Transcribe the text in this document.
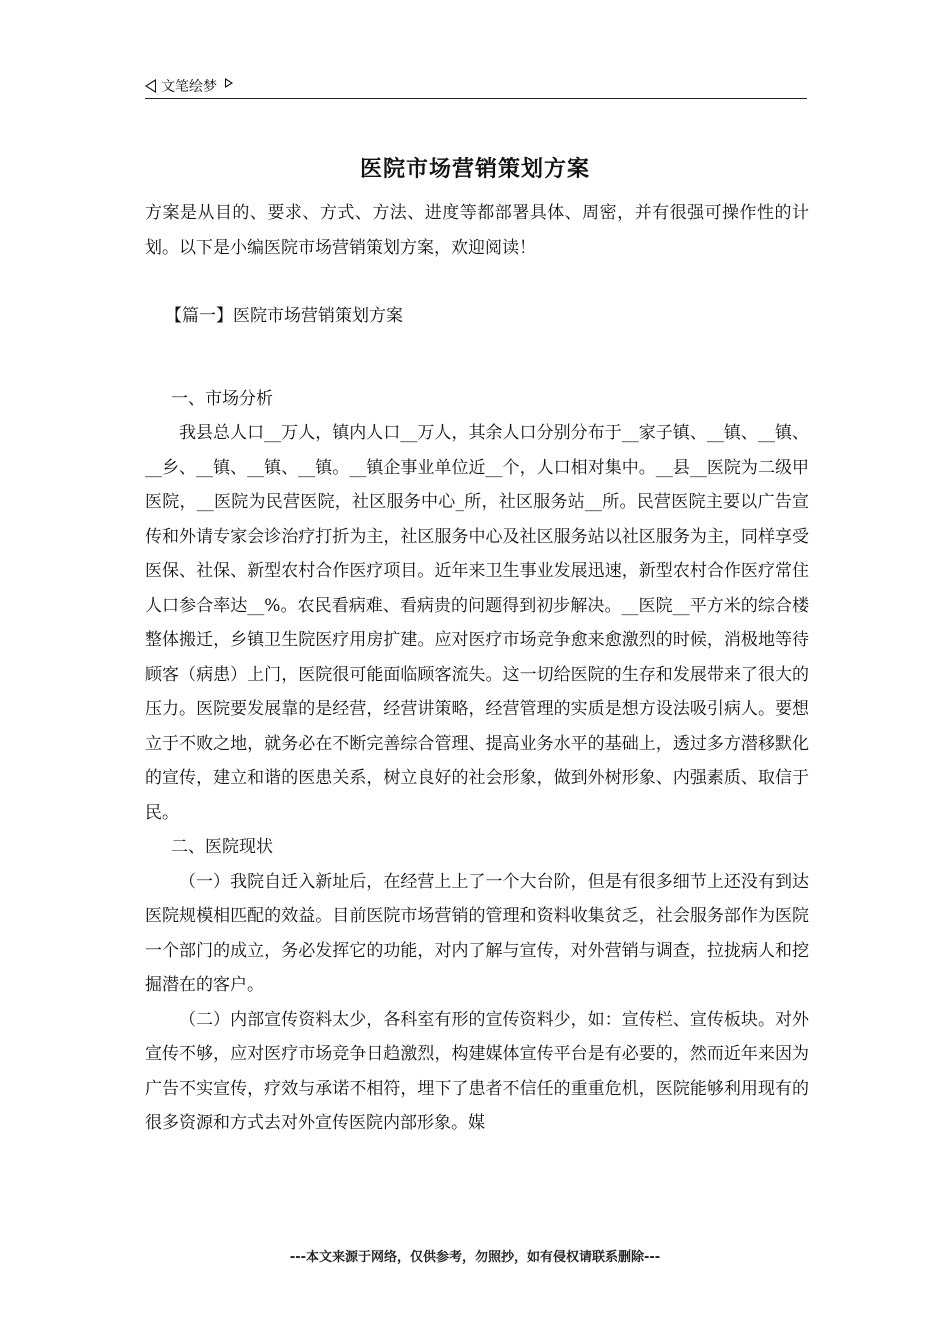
文笔绘梦
医院市场营销策划方案

方案是从目的、要求、方式、方法、进度等都部署具体、周密，并有很强可操作性的计划。以下是小编医院市场营销策划方案，欢迎阅读！

【篇一】医院市场营销策划方案

一、市场分析

我县总人口__万人，镇内人口__万人，其余人口分别分布于__家子镇、__镇、__镇、__乡、__镇、__镇、__镇。__镇企事业单位近__个，人口相对集中。__县__医院为二级甲医院，__医院为民营医院，社区服务中心_所，社区服务站__所。民营医院主要以广告宣传和外请专家会诊治疗打折为主，社区服务中心及社区服务站以社区服务为主，同样享受医保、社保、新型农村合作医疗项目。近年来卫生事业发展迅速，新型农村合作医疗常住人口参合率达__%。农民看病难、看病贵的问题得到初步解决。__医院__平方米的综合楼整体搬迁，乡镇卫生院医疗用房扩建。应对医疗市场竞争愈来愈激烈的时候，消极地等待顾客（病患）上门，医院很可能面临顾客流失。这一切给医院的生存和发展带来了很大的压力。医院要发展靠的是经营，经营讲策略，经营管理的实质是想方设法吸引病人。要想立于不败之地，就务必在不断完善综合管理、提高业务水平的基础上，透过多方潜移默化的宣传，建立和谐的医患关系，树立良好的社会形象，做到外树形象、内强素质、取信于民。

二、医院现状

（一）我院自迁入新址后，在经营上上了一个大台阶，但是有很多细节上还没有到达医院规模相匹配的效益。目前医院市场营销的管理和资料收集贫乏，社会服务部作为医院一个部门的成立，务必发挥它的功能，对内了解与宣传，对外营销与调查，拉拢病人和挖掘潜在的客户。

（二）内部宣传资料太少，各科室有形的宣传资料少，如：宣传栏、宣传板块。对外宣传不够，应对医疗市场竞争日趋激烈，构建媒体宣传平台是有必要的，然而近年来因为广告不实宣传，疗效与承诺不相符，埋下了患者不信任的重重危机，医院能够利用现有的很多资源和方式去对外宣传医院内部形象。媒

---本文来源于网络，仅供参考，勿照抄，如有侵权请联系删除---
